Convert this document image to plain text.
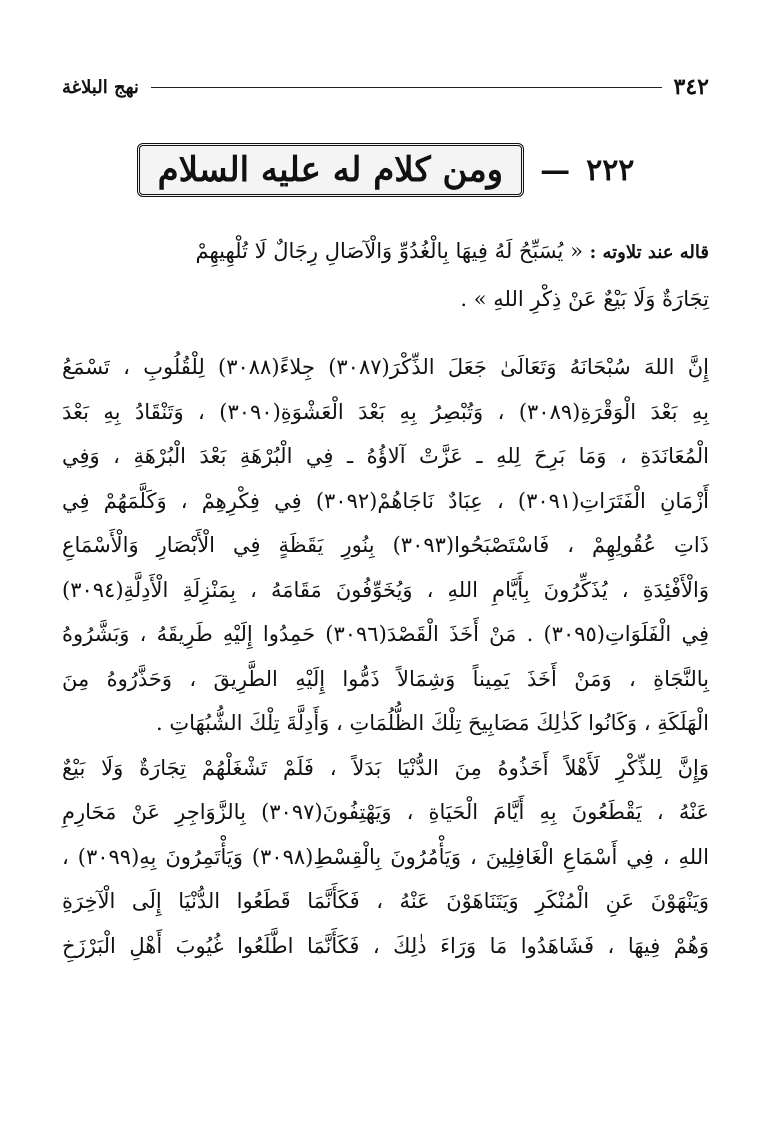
٣٤٢
نهج البلاغة
٢٢٢
—
ومن كلام له عليه السلام
قاله عند تلاوته : « يُسَبِّحُ لَهُ فِيهَا بِالْغُدُوِّ وَالْآصَالِ رِجَالٌ لَا تُلْهِيهِمْ
تِجَارَةٌ وَلَا بَيْعٌ عَنْ ذِكْرِ اللهِ » .
إِنَّ اللهَ سُبْحَانَهُ وَتَعَالَىٰ جَعَلَ الذِّكْرَ(٣٠٨٧) جِلاءً(٣٠٨٨) لِلْقُلُوبِ ، تَسْمَعُ
بِهِ بَعْدَ الْوَقْرَةِ(٣٠٨٩) ، وَتُبْصِرُ بِهِ بَعْدَ الْعَشْوَةِ(٣٠٩٠) ، وَتَنْقَادُ بِهِ بَعْدَ
الْمُعَانَدَةِ ، وَمَا بَرِحَ لِلهِ ـ عَزَّتْ آلاؤُهُ ـ فِي الْبُرْهَةِ بَعْدَ الْبُرْهَةِ ، وَفِي
أَزْمَانِ الْفَتَرَاتِ(٣٠٩١) ، عِبَادٌ نَاجَاهُمْ(٣٠٩٢) فِي فِكْرِهِمْ ، وَكَلَّمَهُمْ فِي
ذَاتِ عُقُولِهِمْ ، فَاسْتَصْبَحُوا(٣٠٩٣) بِنُورِ يَقَظَةٍ فِي الْأَبْصَارِ وَالْأَسْمَاعِ
وَالْأَفْئِدَةِ ، يُذَكِّرُونَ بِأَيَّامِ اللهِ ، وَيُخَوِّفُونَ مَقَامَهُ ، بِمَنْزِلَةِ الْأَدِلَّةِ(٣٠٩٤)
فِي الْفَلَوَاتِ(٣٠٩٥) . مَنْ أَخَذَ الْقَصْدَ(٣٠٩٦) حَمِدُوا إِلَيْهِ طَرِيقَهُ ، وَبَشَّرُوهُ
بِالنَّجَاةِ ، وَمَنْ أَخَذَ يَمِيناً وَشِمَالاً ذَمُّوا إِلَيْهِ الطَّرِيقَ ، وَحَذَّرُوهُ مِنَ
الْهَلَكَةِ ، وَكَانُوا كَذٰلِكَ مَصَابِيحَ تِلْكَ الظُّلُمَاتِ ، وَأَدِلَّةَ تِلْكَ الشُّبُهَاتِ .
وَإِنَّ لِلذِّكْرِ لَأَهْلاً أَخَذُوهُ مِنَ الدُّنْيَا بَدَلاً ، فَلَمْ تَشْغَلْهُمْ تِجَارَةٌ وَلَا بَيْعٌ
عَنْهُ ، يَقْطَعُونَ بِهِ أَيَّامَ الْحَيَاةِ ، وَيَهْتِفُونَ(٣٠٩٧) بِالزَّوَاجِرِ عَنْ مَحَارِمِ
اللهِ ، فِي أَسْمَاعِ الْغَافِلِينَ ، وَيَأْمُرُونَ بِالْقِسْطِ(٣٠٩٨) وَيَأْتَمِرُونَ بِهِ(٣٠٩٩) ،
وَيَنْهَوْنَ عَنِ الْمُنْكَرِ وَيَتَنَاهَوْنَ عَنْهُ ، فَكَأَنَّمَا قَطَعُوا الدُّنْيَا إِلَى الْآخِرَةِ
وَهُمْ فِيهَا ، فَشَاهَدُوا مَا وَرَاءَ ذٰلِكَ ، فَكَأَنَّمَا اطَّلَعُوا غُيُوبَ أَهْلِ الْبَرْزَخِ
